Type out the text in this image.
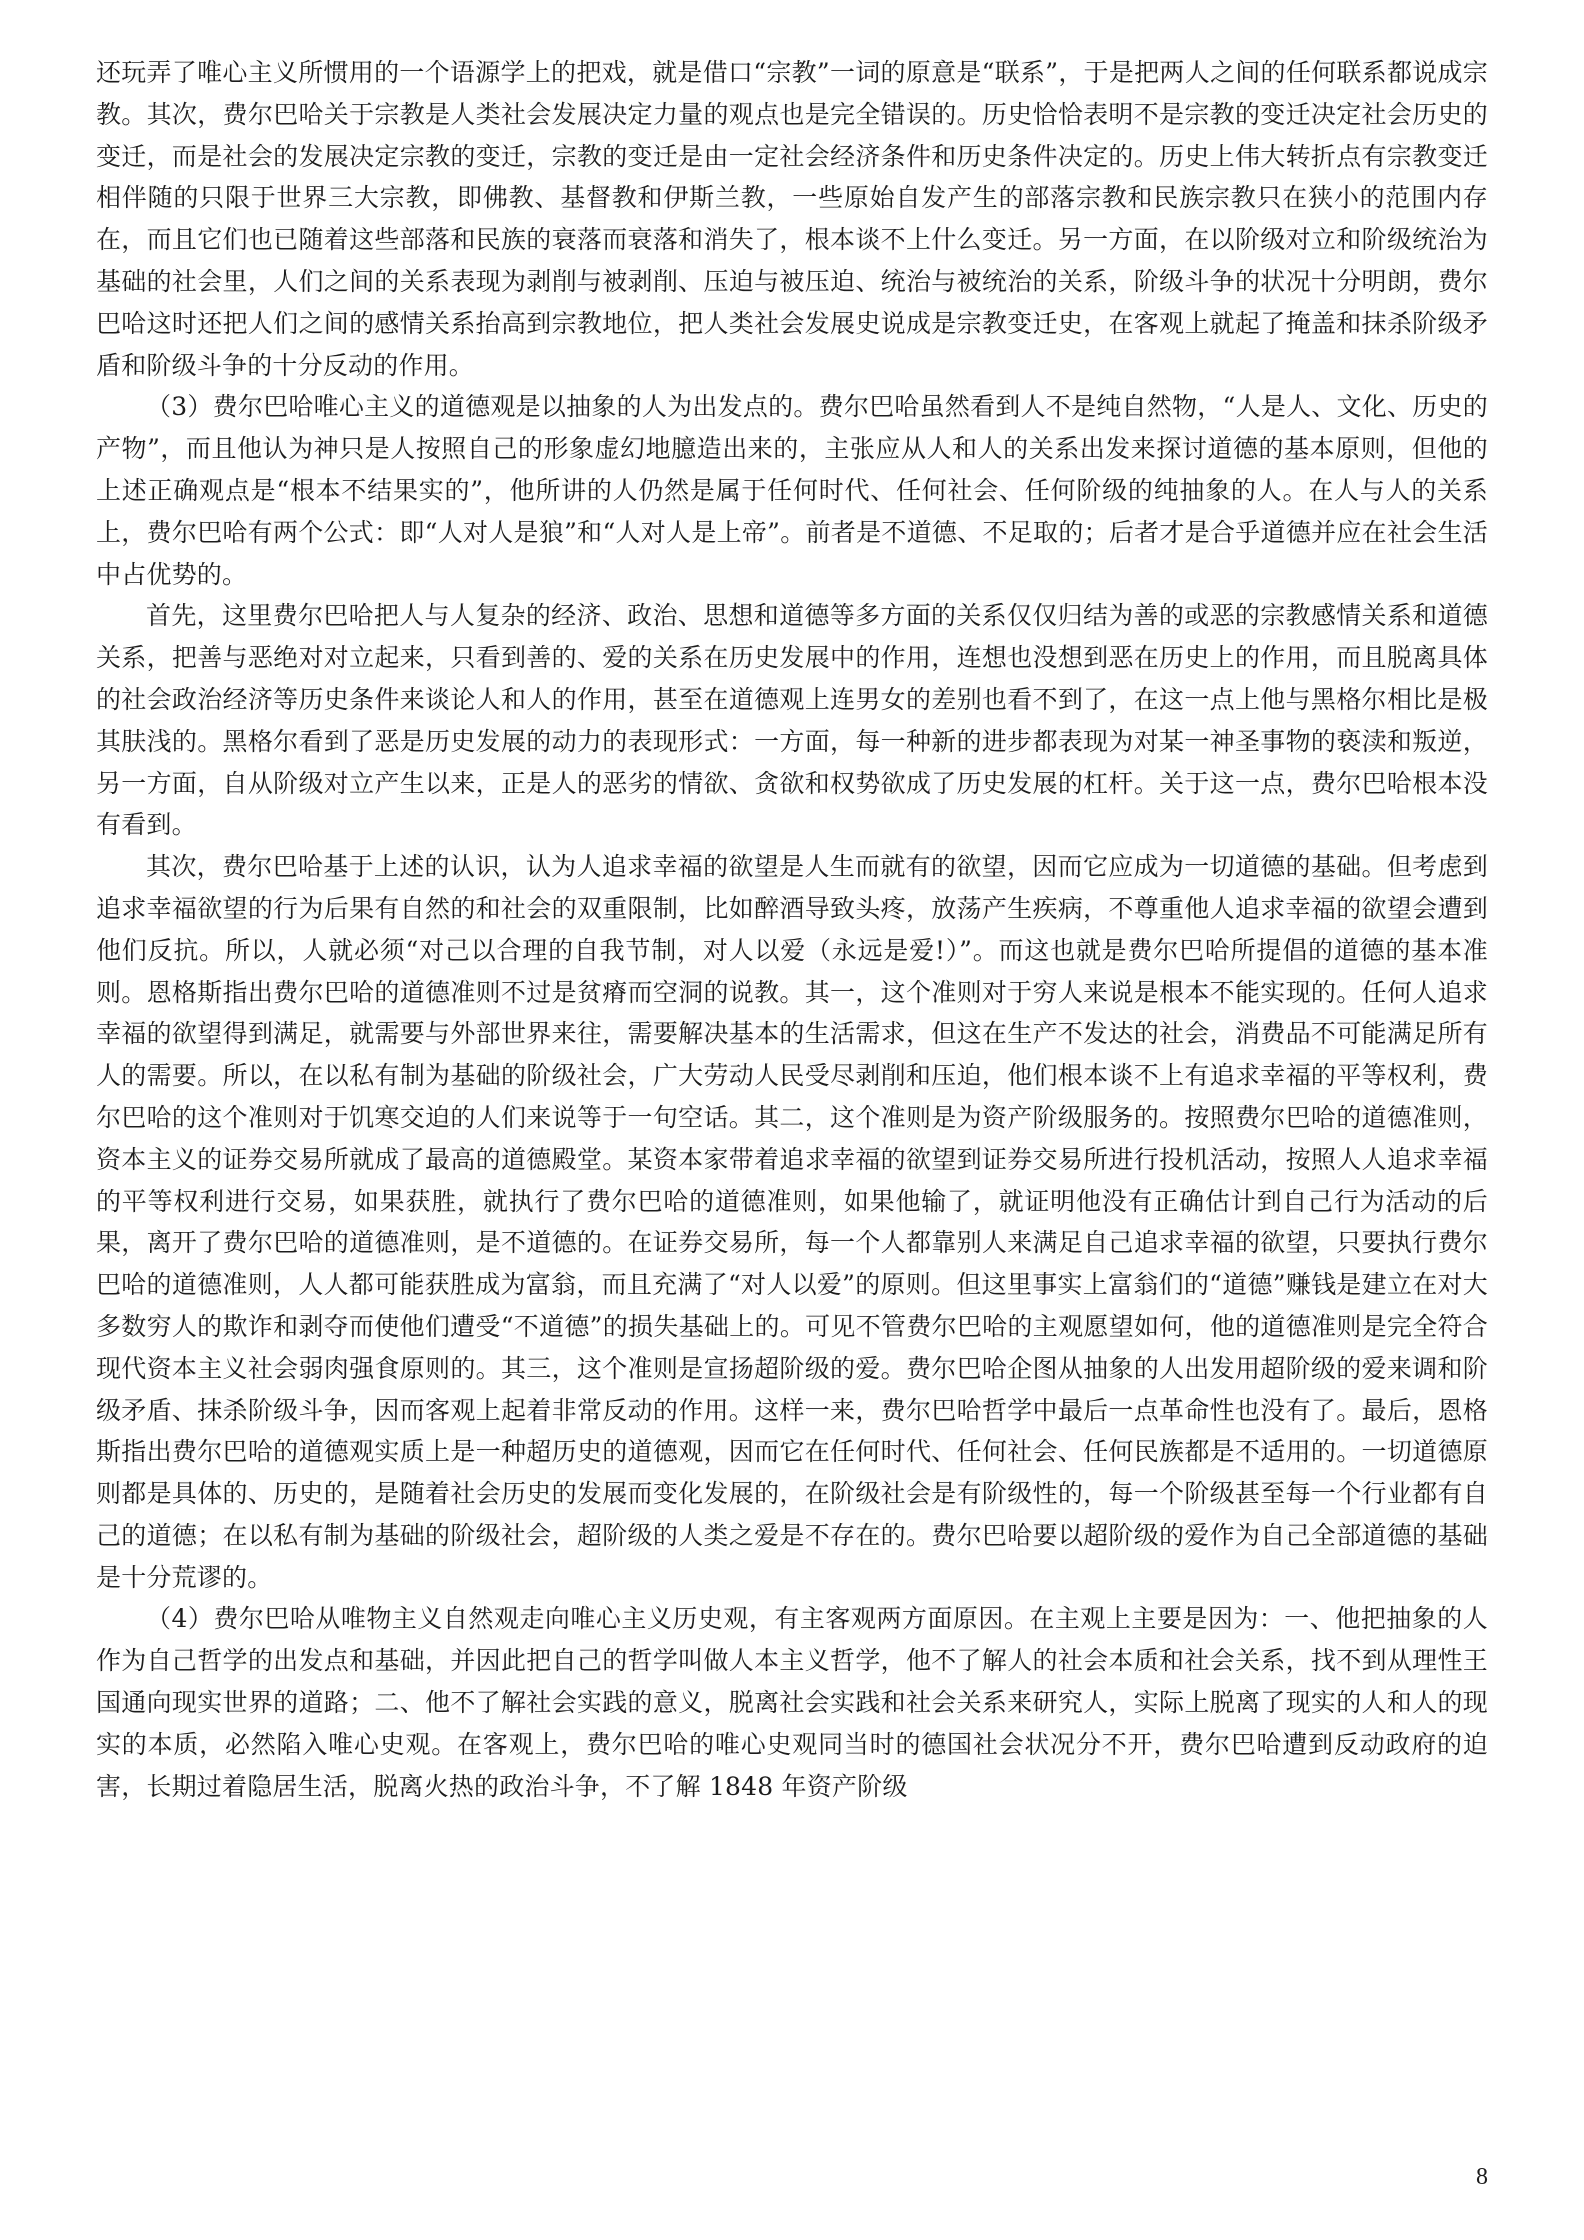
还玩弄了唯心主义所惯用的一个语源学上的把戏，就是借口“宗教”一词的原意是“联系”，于是把两人之间的任何联系都说成宗教。其次，费尔巴哈关于宗教是人类社会发展决定力量的观点也是完全错误的。历史恰恰表明不是宗教的变迁决定社会历史的变迁，而是社会的发展决定宗教的变迁，宗教的变迁是由一定社会经济条件和历史条件决定的。历史上伟大转折点有宗教变迁相伴随的只限于世界三大宗教，即佛教、基督教和伊斯兰教，一些原始自发产生的部落宗教和民族宗教只在狭小的范围内存在，而且它们也已随着这些部落和民族的衰落而衰落和消失了，根本谈不上什么变迁。另一方面，在以阶级对立和阶级统治为基础的社会里，人们之间的关系表现为剥削与被剥削、压迫与被压迫、统治与被统治的关系，阶级斗争的状况十分明朗，费尔巴哈这时还把人们之间的感情关系抬高到宗教地位，把人类社会发展史说成是宗教变迁史，在客观上就起了掩盖和抹杀阶级矛盾和阶级斗争的十分反动的作用。

（3）费尔巴哈唯心主义的道德观是以抽象的人为出发点的。费尔巴哈虽然看到人不是纯自然物，“人是人、文化、历史的产物”，而且他认为神只是人按照自己的形象虚幻地臆造出来的，主张应从人和人的关系出发来探讨道德的基本原则，但他的上述正确观点是“根本不结果实的”，他所讲的人仍然是属于任何时代、任何社会、任何阶级的纯抽象的人。在人与人的关系上，费尔巴哈有两个公式：即“人对人是狼”和“人对人是上帝”。前者是不道德、不足取的；后者才是合乎道德并应在社会生活中占优势的。

首先，这里费尔巴哈把人与人复杂的经济、政治、思想和道德等多方面的关系仅仅归结为善的或恶的宗教感情关系和道德关系，把善与恶绝对对立起来，只看到善的、爱的关系在历史发展中的作用，连想也没想到恶在历史上的作用，而且脱离具体的社会政治经济等历史条件来谈论人和人的作用，甚至在道德观上连男女的差别也看不到了，在这一点上他与黑格尔相比是极其肤浅的。黑格尔看到了恶是历史发展的动力的表现形式：一方面，每一种新的进步都表现为对某一神圣事物的亵渎和叛逆，另一方面，自从阶级对立产生以来，正是人的恶劣的情欲、贪欲和权势欲成了历史发展的杠杆。关于这一点，费尔巴哈根本没有看到。

其次，费尔巴哈基于上述的认识，认为人追求幸福的欲望是人生而就有的欲望，因而它应成为一切道德的基础。但考虑到追求幸福欲望的行为后果有自然的和社会的双重限制，比如醉酒导致头疼，放荡产生疾病，不尊重他人追求幸福的欲望会遭到他们反抗。所以，人就必须“对己以合理的自我节制，对人以爱（永远是爱!）”。而这也就是费尔巴哈所提倡的道德的基本准则。恩格斯指出费尔巴哈的道德准则不过是贫瘠而空洞的说教。其一，这个准则对于穷人来说是根本不能实现的。任何人追求幸福的欲望得到满足，就需要与外部世界来往，需要解决基本的生活需求，但这在生产不发达的社会，消费品不可能满足所有人的需要。所以，在以私有制为基础的阶级社会，广大劳动人民受尽剥削和压迫，他们根本谈不上有追求幸福的平等权利，费尔巴哈的这个准则对于饥寒交迫的人们来说等于一句空话。其二，这个准则是为资产阶级服务的。按照费尔巴哈的道德准则，资本主义的证券交易所就成了最高的道德殿堂。某资本家带着追求幸福的欲望到证券交易所进行投机活动，按照人人追求幸福的平等权利进行交易，如果获胜，就执行了费尔巴哈的道德准则，如果他输了，就证明他没有正确估计到自己行为活动的后果，离开了费尔巴哈的道德准则，是不道德的。在证券交易所，每一个人都靠别人来满足自己追求幸福的欲望，只要执行费尔巴哈的道德准则，人人都可能获胜成为富翁，而且充满了“对人以爱”的原则。但这里事实上富翁们的“道德”赚钱是建立在对大多数穷人的欺诈和剥夺而使他们遭受“不道德”的损失基础上的。可见不管费尔巴哈的主观愿望如何，他的道德准则是完全符合现代资本主义社会弱肉强食原则的。其三，这个准则是宣扬超阶级的爱。费尔巴哈企图从抽象的人出发用超阶级的爱来调和阶级矛盾、抹杀阶级斗争，因而客观上起着非常反动的作用。这样一来，费尔巴哈哲学中最后一点革命性也没有了。最后，恩格斯指出费尔巴哈的道德观实质上是一种超历史的道德观，因而它在任何时代、任何社会、任何民族都是不适用的。一切道德原则都是具体的、历史的，是随着社会历史的发展而变化发展的，在阶级社会是有阶级性的，每一个阶级甚至每一个行业都有自己的道德；在以私有制为基础的阶级社会，超阶级的人类之爱是不存在的。费尔巴哈要以超阶级的爱作为自己全部道德的基础是十分荒谬的。

（4）费尔巴哈从唯物主义自然观走向唯心主义历史观，有主客观两方面原因。在主观上主要是因为：一、他把抽象的人作为自己哲学的出发点和基础，并因此把自己的哲学叫做人本主义哲学，他不了解人的社会本质和社会关系，找不到从理性王国通向现实世界的道路；二、他不了解社会实践的意义，脱离社会实践和社会关系来研究人，实际上脱离了现实的人和人的现实的本质，必然陷入唯心史观。在客观上，费尔巴哈的唯心史观同当时的德国社会状况分不开，费尔巴哈遭到反动政府的迫害，长期过着隐居生活，脱离火热的政治斗争，不了解 1848 年资产阶级

8
